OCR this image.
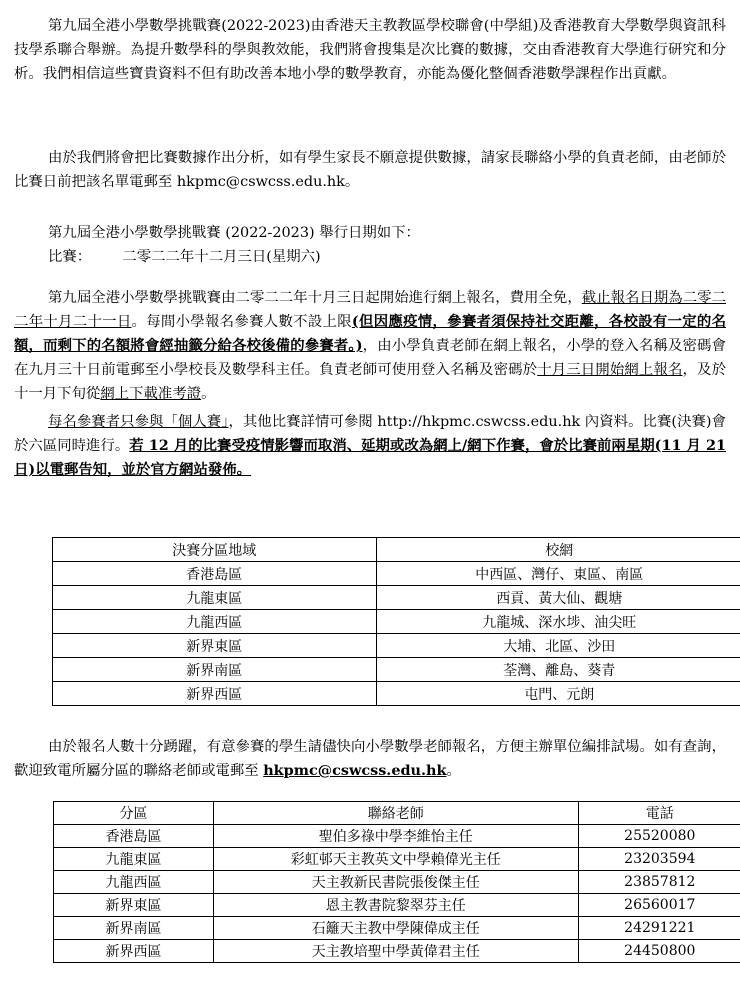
第九屆全港小學數學挑戰賽(2022-2023)由香港天主教教區學校聯會(中學組)及香港教育大學數學與資訊科技學系聯合舉辦。為提升數學科的學與教效能，我們將會搜集是次比賽的數據，交由香港教育大學進行研究和分析。我們相信這些寶貴資料不但有助改善本地小學的數學教育，亦能為優化整個香港數學課程作出貢獻。
由於我們將會把比賽數據作出分析，如有學生家長不願意提供數據，請家長聯絡小學的負責老師，由老師於比賽日前把該名單電郵至 hkpmc@cswcss.edu.hk。
第九屆全港小學數學挑戰賽 (2022-2023) 舉行日期如下：
比賽： 二零二二年十二月三日(星期六)
第九屆全港小學數學挑戰賽由二零二二年十月三日起開始進行網上報名，費用全免，截止報名日期為二零二二年十月二十一日。每間小學報名參賽人數不設上限(但因應疫情，參賽者須保持社交距離，各校設有一定的名額，而剩下的名額將會經抽籤分給各校後備的參賽者。)，由小學負責老師在網上報名，小學的登入名稱及密碼會在九月三十日前電郵至小學校長及數學科主任。負責老師可使用登入名稱及密碼於十月三日開始網上報名，及於十一月下旬從網上下載准考證。
每名參賽者只參與「個人賽」，其他比賽詳情可參閱 http://hkpmc.cswcss.edu.hk 內資料。比賽(決賽)會於六區同時進行。若 12 月的比賽受疫情影響而取消、延期或改為網上/網下作賽，會於比賽前兩星期(11 月 21 日)以電郵告知，並於官方網站發佈。
決賽分區地域	校網
香港島區	中西區、灣仔、東區、南區
九龍東區	西貢、黃大仙、觀塘
九龍西區	九龍城、深水埗、油尖旺
新界東區	大埔、北區、沙田
新界南區	荃灣、離島、葵青
新界西區	屯門、元朗
由於報名人數十分踴躍，有意參賽的學生請儘快向小學數學老師報名，方便主辦單位編排試場。如有查詢，歡迎致電所屬分區的聯絡老師或電郵至 hkpmc@cswcss.edu.hk。
分區	聯絡老師	電話
香港島區	聖伯多祿中學李維怡主任	25520080
九龍東區	彩虹邨天主教英文中學賴偉光主任	23203594
九龍西區	天主教新民書院張俊傑主任	23857812
新界東區	恩主教書院黎翠芬主任	26560017
新界南區	石籬天主教中學陳偉成主任	24291221
新界西區	天主教培聖中學黃偉君主任	24450800
